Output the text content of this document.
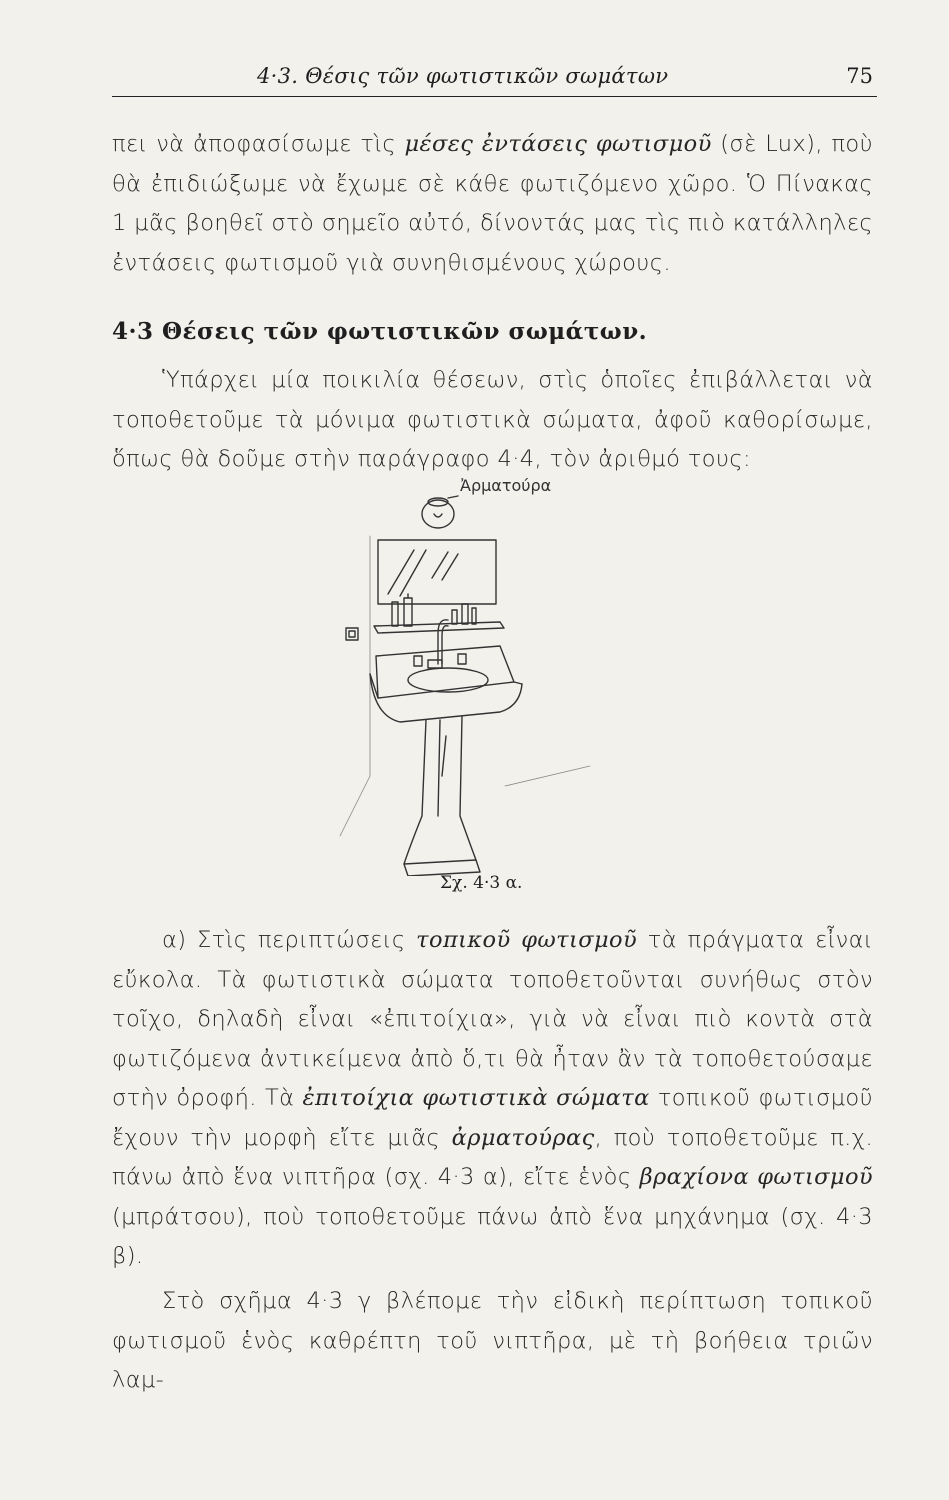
4·3. Θέσις τῶν φωτιστικῶν σωμάτων	75

πει νὰ ἀποφασίσωμε τὶς μέσες ἐντάσεις φωτισμοῦ (σὲ Lux), ποὺ θὰ ἐπιδιώξωμε νὰ ἔχωμε σὲ κάθε φωτιζόμενο χῶρο. Ὁ Πίνακας 1 μᾶς βοηθεῖ στὸ σημεῖο αὐτό, δίνοντάς μας τὶς πιὸ κατάλληλες ἐντάσεις φωτισμοῦ γιὰ συνηθισμένους χώρους.

4·3 Θέσεις τῶν φωτιστικῶν σωμάτων.

Ὑπάρχει μία ποικιλία θέσεων, στὶς ὁποῖες ἐπιβάλλεται νὰ τοποθετοῦμε τὰ μόνιμα φωτιστικὰ σώματα, ἀφοῦ καθορίσωμε, ὅπως θὰ δοῦμε στὴν παράγραφο 4·4, τὸν ἀριθμό τους:

Ἀρματούρα
Σχ. 4·3 α.

α) Στὶς περιπτώσεις τοπικοῦ φωτισμοῦ τὰ πράγματα εἶναι εὔκολα. Τὰ φωτιστικὰ σώματα τοποθετοῦνται συνήθως στὸν τοῖχο, δηλαδὴ εἶναι «ἐπιτοίχια», γιὰ νὰ εἶναι πιὸ κοντὰ στὰ φωτιζόμενα ἀντικείμενα ἀπὸ ὅ,τι θὰ ἦταν ἂν τὰ τοποθετούσαμε στὴν ὀροφή. Τὰ ἐπιτοίχια φωτιστικὰ σώματα τοπικοῦ φωτισμοῦ ἔχουν τὴν μορφὴ εἴτε μιᾶς ἀρματούρας, ποὺ τοποθετοῦμε π.χ. πάνω ἀπὸ ἕνα νιπτῆρα (σχ. 4·3 α), εἴτε ἑνὸς βραχίονα φωτισμοῦ (μπράτσου), ποὺ τοποθετοῦμε πάνω ἀπὸ ἕνα μηχάνημα (σχ. 4·3 β).

Στὸ σχῆμα 4·3 γ βλέπομε τὴν εἰδικὴ περίπτωση τοπικοῦ φωτισμοῦ ἑνὸς καθρέπτη τοῦ νιπτῆρα, μὲ τὴ βοήθεια τριῶν λαμ-
